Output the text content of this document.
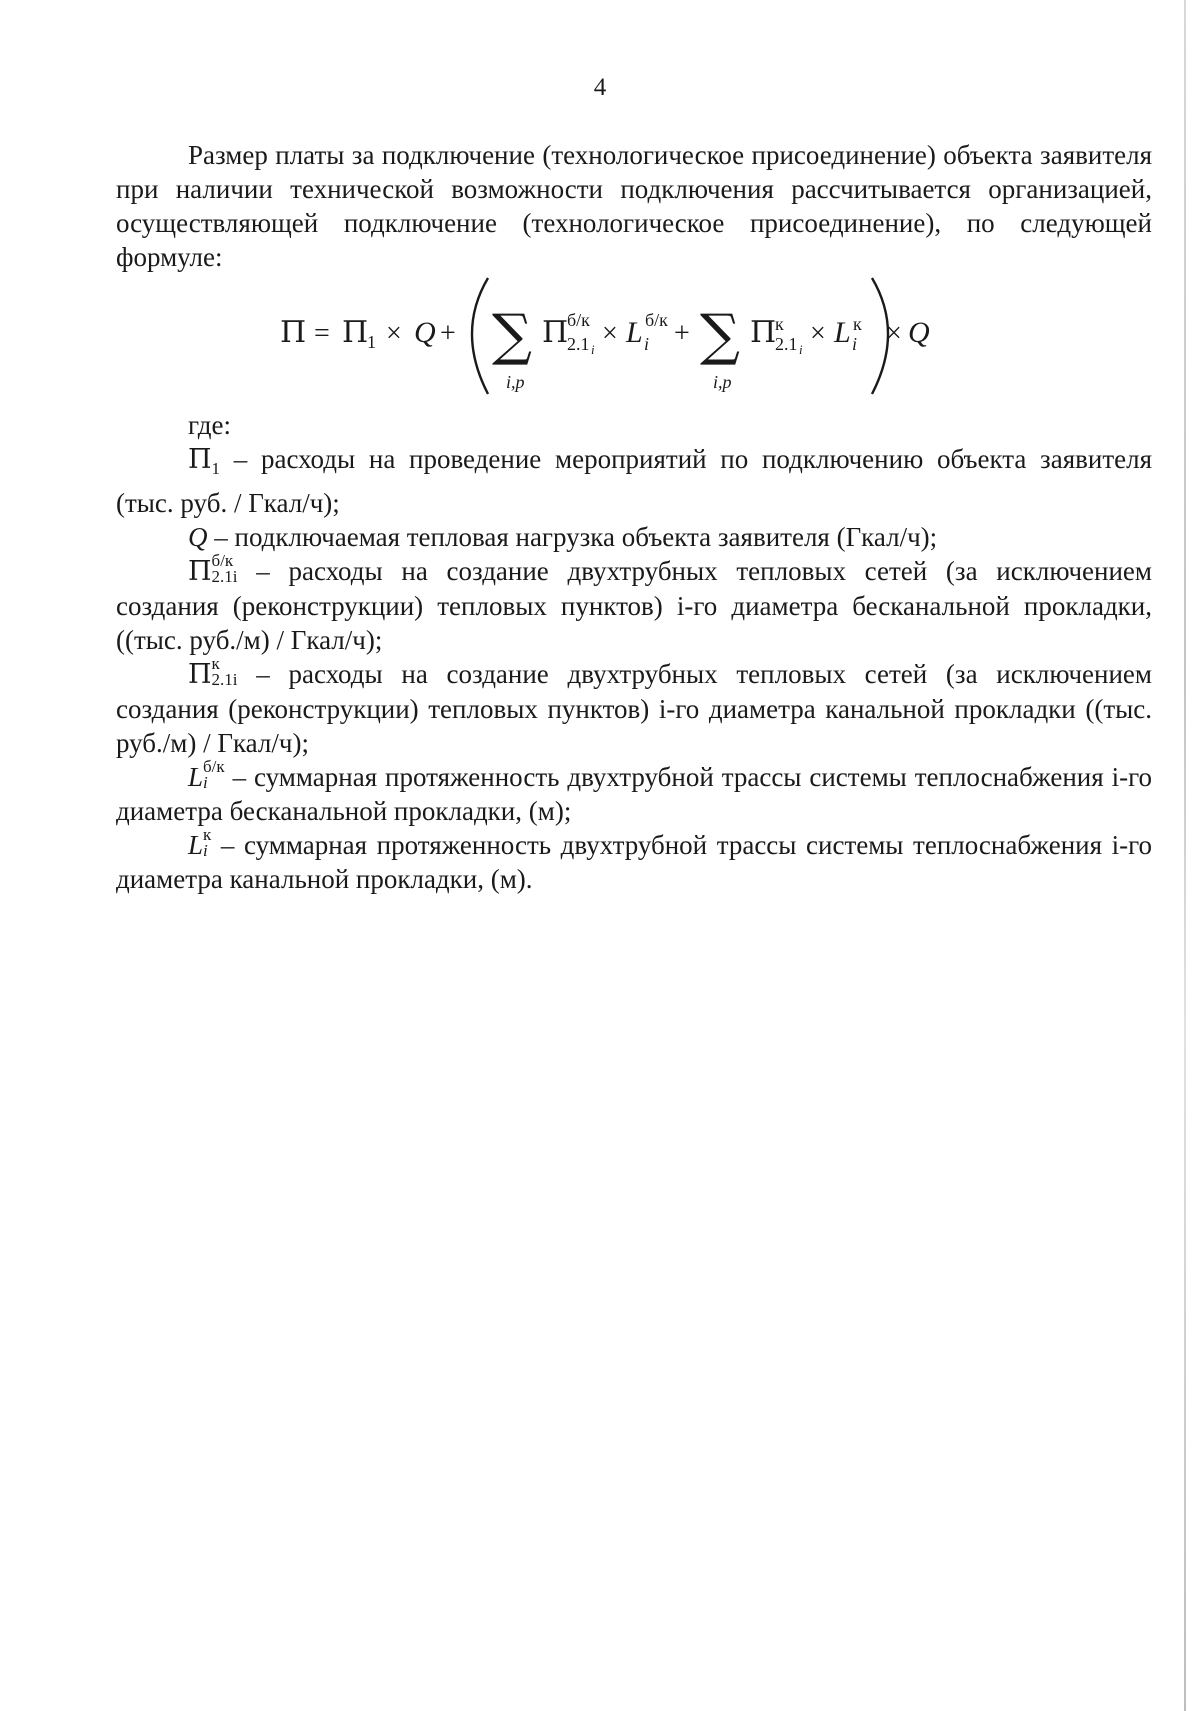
4

Размер платы за подключение (технологическое присоединение) объекта заявителя при наличии технической возможности подключения рассчитывается организацией, осуществляющей подключение (технологическое присоединение), по следующей формуле:

П = П
1 × Q + ∑
i,p
П
б/к
2.1 i
× L б/к
i + ∑
i,p
П
к
2.1 i
× L к
i × Q

где:

$П_1$ – расходы на проведение мероприятий по подключению объекта заявителя (тыс. руб. / Гкал/ч);

Q – подключаемая тепловая нагрузка объекта заявителя (Гкал/ч);

П б/к
2.1i – расходы на создание двухтрубных тепловых сетей (за исключением создания (реконструкции) тепловых пунктов) i-го диаметра бесканальной прокладки, ((тыс. руб./м) / Гкал/ч);

П к
2.1i – расходы на создание двухтрубных тепловых сетей (за исключением создания (реконструкции) тепловых пунктов) i-го диаметра канальной прокладки ((тыс. руб./м) / Гкал/ч);

L б/к
i – суммарная протяженность двухтрубной трассы системы теплоснабжения i-го диаметра бесканальной прокладки, (м);

L к
i – суммарная протяженность двухтрубной трассы системы теплоснабжения i-го диаметра канальной прокладки, (м).
